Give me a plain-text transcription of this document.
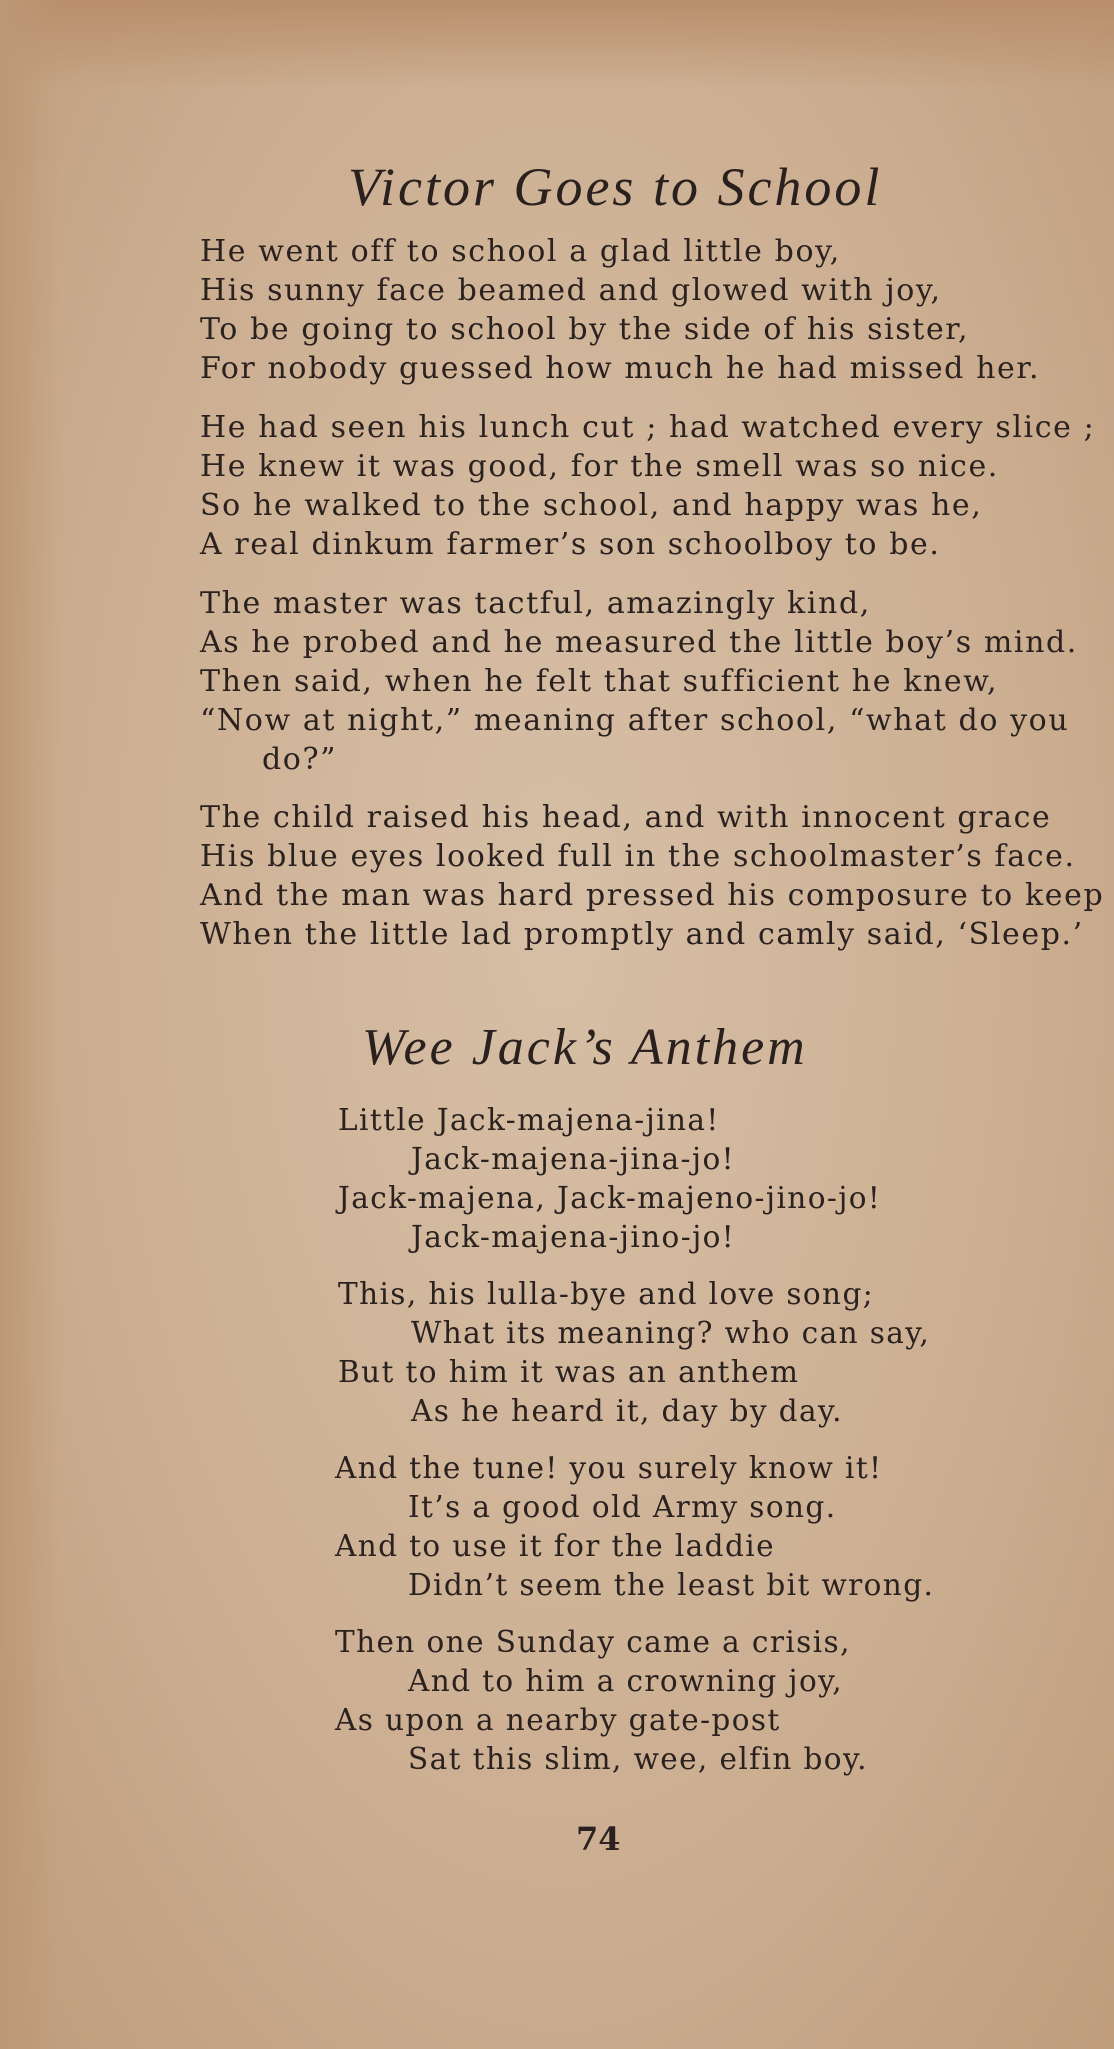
Victor Goes to School
He went off to school a glad little boy,
His sunny face beamed and glowed with joy,
To be going to school by the side of his sister,
For nobody guessed how much he had missed her.
He had seen his lunch cut ; had watched every slice ;
He knew it was good, for the smell was so nice.
So he walked to the school, and happy was he,
A real dinkum farmer’s son schoolboy to be.
The master was tactful, amazingly kind,
As he probed and he measured the little boy’s mind.
Then said, when he felt that sufficient he knew,
“Now at night,” meaning after school, “what do you
do?”
The child raised his head, and with innocent grace
His blue eyes looked full in the schoolmaster’s face.
And the man was hard pressed his composure to keep
When the little lad promptly and camly said, ‘Sleep.’
Wee Jack’s Anthem
Little Jack-majena-jina!
Jack-majena-jina-jo!
Jack-majena, Jack-majeno-jino-jo!
Jack-majena-jino-jo!
This, his lulla-bye and love song;
What its meaning? who can say,
But to him it was an anthem
As he heard it, day by day.
And the tune! you surely know it!
It’s a good old Army song.
And to use it for the laddie
Didn’t seem the least bit wrong.
Then one Sunday came a crisis,
And to him a crowning joy,
As upon a nearby gate-post
Sat this slim, wee, elfin boy.
74
